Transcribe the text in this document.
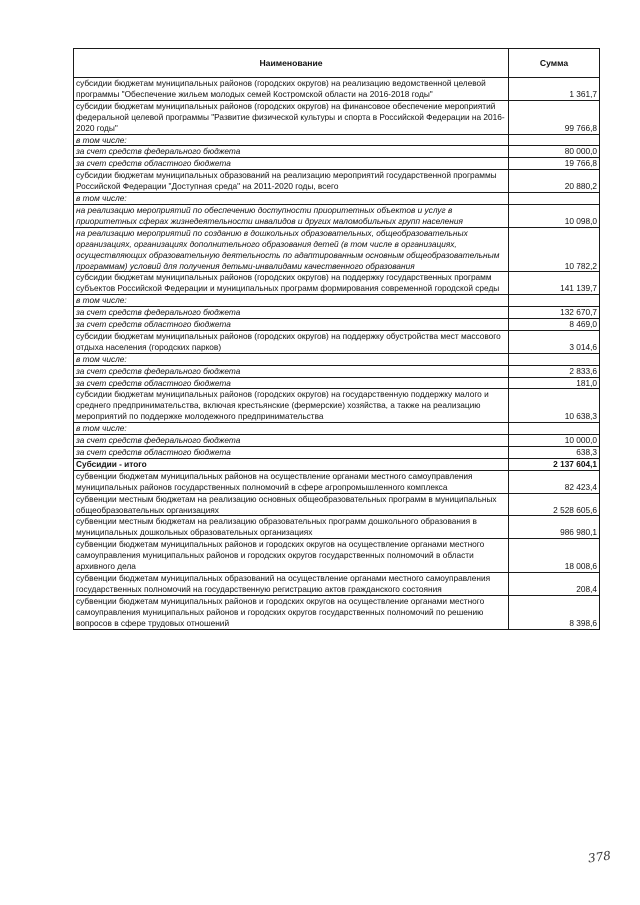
Наименование	Сумма
субсидии бюджетам муниципальных районов (городских округов) на реализацию ведомственной целевой программы "Обеспечение жильем молодых семей Костромской области на 2016-2018 годы"	1 361,7
субсидии бюджетам муниципальных районов (городских округов) на финансовое обеспечение мероприятий федеральной целевой программы "Развитие физической культуры и спорта в Российской Федерации на 2016-2020 годы"	99 766,8
в том числе:	
за счет средств федерального бюджета	80 000,0
за счет средств областного бюджета	19 766,8
субсидии бюджетам муниципальных образований на реализацию мероприятий государственной программы Российской Федерации "Доступная среда" на 2011-2020 годы, всего	20 880,2
в том числе:	
на реализацию мероприятий по обеспечению доступности приоритетных объектов и услуг в приоритетных сферах жизнедеятельности инвалидов и других маломобильных групп населения	10 098,0
на реализацию мероприятий по созданию в дошкольных образовательных, общеобразовательных организациях, организациях дополнительного образования детей (в том числе в организациях, осуществляющих образовательную деятельность по адаптированным основным общеобразовательным программам) условий для получения детьми-инвалидами качественного образования	10 782,2
субсидии бюджетам муниципальных районов (городских округов) на поддержку государственных программ субъектов Российской Федерации и муниципальных программ формирования современной городской среды	141 139,7
в том числе:	
за счет средств федерального бюджета	132 670,7
за счет средств областного бюджета	8 469,0
субсидии бюджетам муниципальных районов (городских округов) на поддержку обустройства мест массового отдыха населения (городских парков)	3 014,6
в том числе:	
за счет средств федерального бюджета	2 833,6
за счет средств областного бюджета	181,0
субсидии бюджетам муниципальных районов (городских округов) на государственную поддержку малого и среднего предпринимательства, включая крестьянские (фермерские) хозяйства, а также на реализацию мероприятий по поддержке молодежного предпринимательства	10 638,3
в том числе:	
за счет средств федерального бюджета	10 000,0
за счет средств областного бюджета	638,3
Субсидии - итого	2 137 604,1
субвенции бюджетам муниципальных районов на осуществление органами местного самоуправления муниципальных районов государственных полномочий в сфере агропромышленного комплекса	82 423,4
субвенции местным бюджетам на реализацию основных общеобразовательных программ в муниципальных общеобразовательных организациях	2 528 605,6
субвенции местным бюджетам на реализацию образовательных программ дошкольного образования в муниципальных дошкольных образовательных организациях	986 980,1
субвенции бюджетам муниципальных районов и городских округов на осуществление органами местного самоуправления муниципальных районов и городских округов государственных полномочий в области архивного дела	18 008,6
субвенции бюджетам муниципальных образований на осуществление органами местного самоуправления государственных полномочий на государственную регистрацию актов гражданского состояния	208,4
субвенции бюджетам муниципальных районов и городских округов на осуществление органами местного самоуправления муниципальных районов и городских округов государственных полномочий по решению вопросов в сфере трудовых отношений	8 398,6
378
